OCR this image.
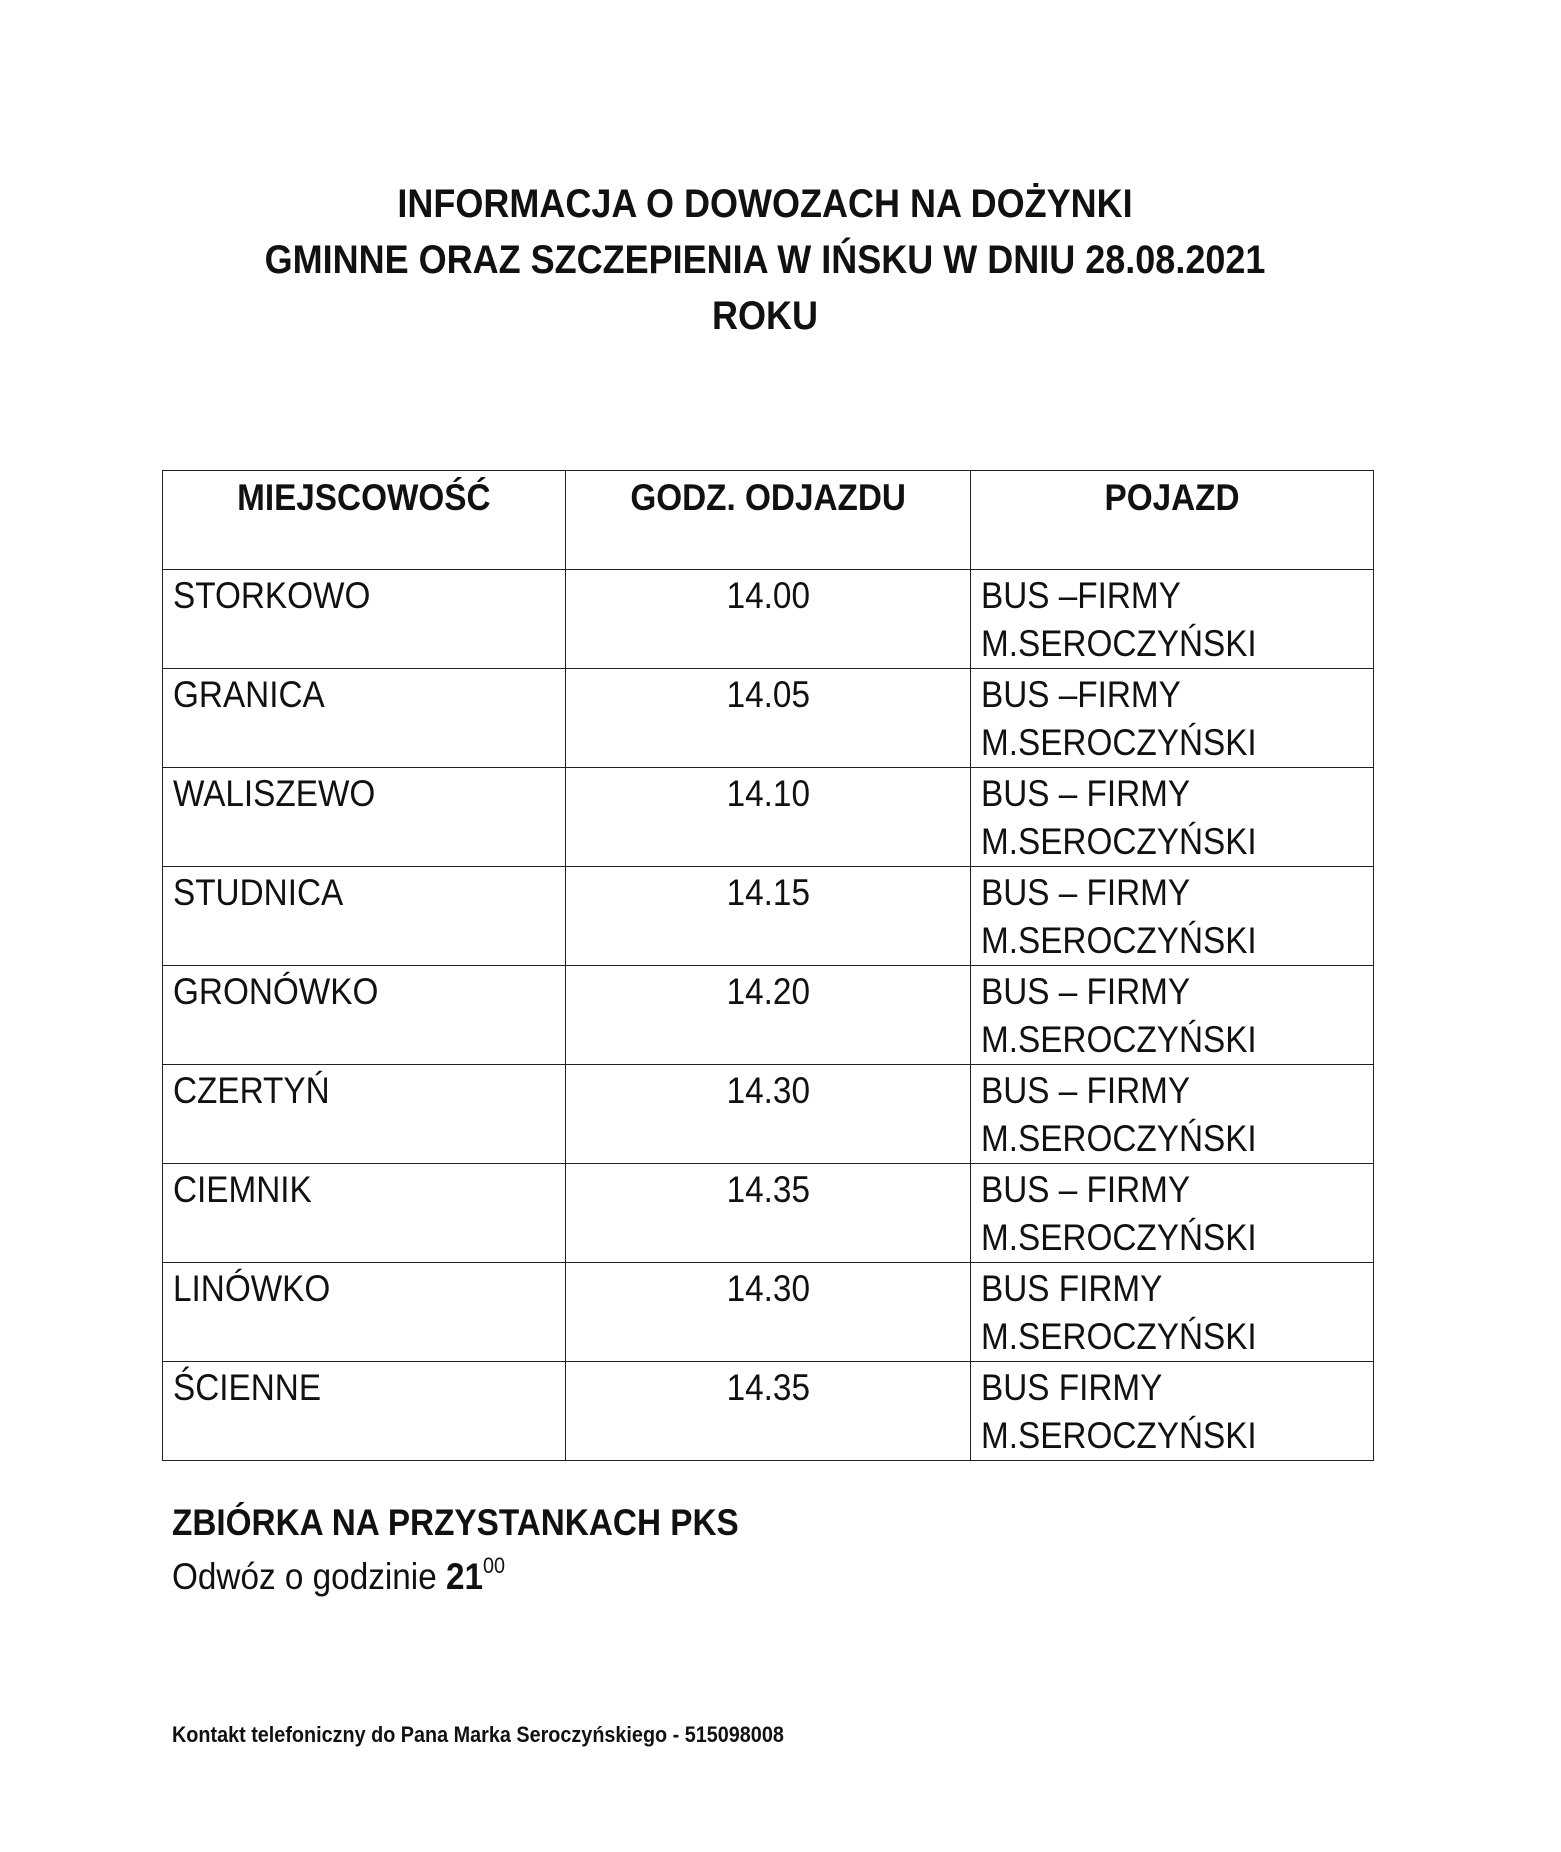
INFORMACJA O DOWOZACH NA DOŻYNKI
GMINNE ORAZ SZCZEPIENIA W IŃSKU W DNIU 28.08.2021
ROKU
MIEJSCOWOŚĆ	GODZ. ODJAZDU	POJAZD
STORKOWO	14.00	BUS –FIRMY
M.SEROCZYŃSKI
GRANICA	14.05	BUS –FIRMY
M.SEROCZYŃSKI
WALISZEWO	14.10	BUS – FIRMY
M.SEROCZYŃSKI
STUDNICA	14.15	BUS – FIRMY
M.SEROCZYŃSKI
GRONÓWKO	14.20	BUS – FIRMY
M.SEROCZYŃSKI
CZERTYŃ	14.30	BUS – FIRMY
M.SEROCZYŃSKI
CIEMNIK	14.35	BUS – FIRMY
M.SEROCZYŃSKI
LINÓWKO	14.30	BUS FIRMY
M.SEROCZYŃSKI
ŚCIENNE	14.35	BUS FIRMY
M.SEROCZYŃSKI
ZBIÓRKA NA PRZYSTANKACH PKS
Odwóz o godzinie $21^{00}$
Kontakt telefoniczny do Pana Marka Seroczyńskiego - 515098008
